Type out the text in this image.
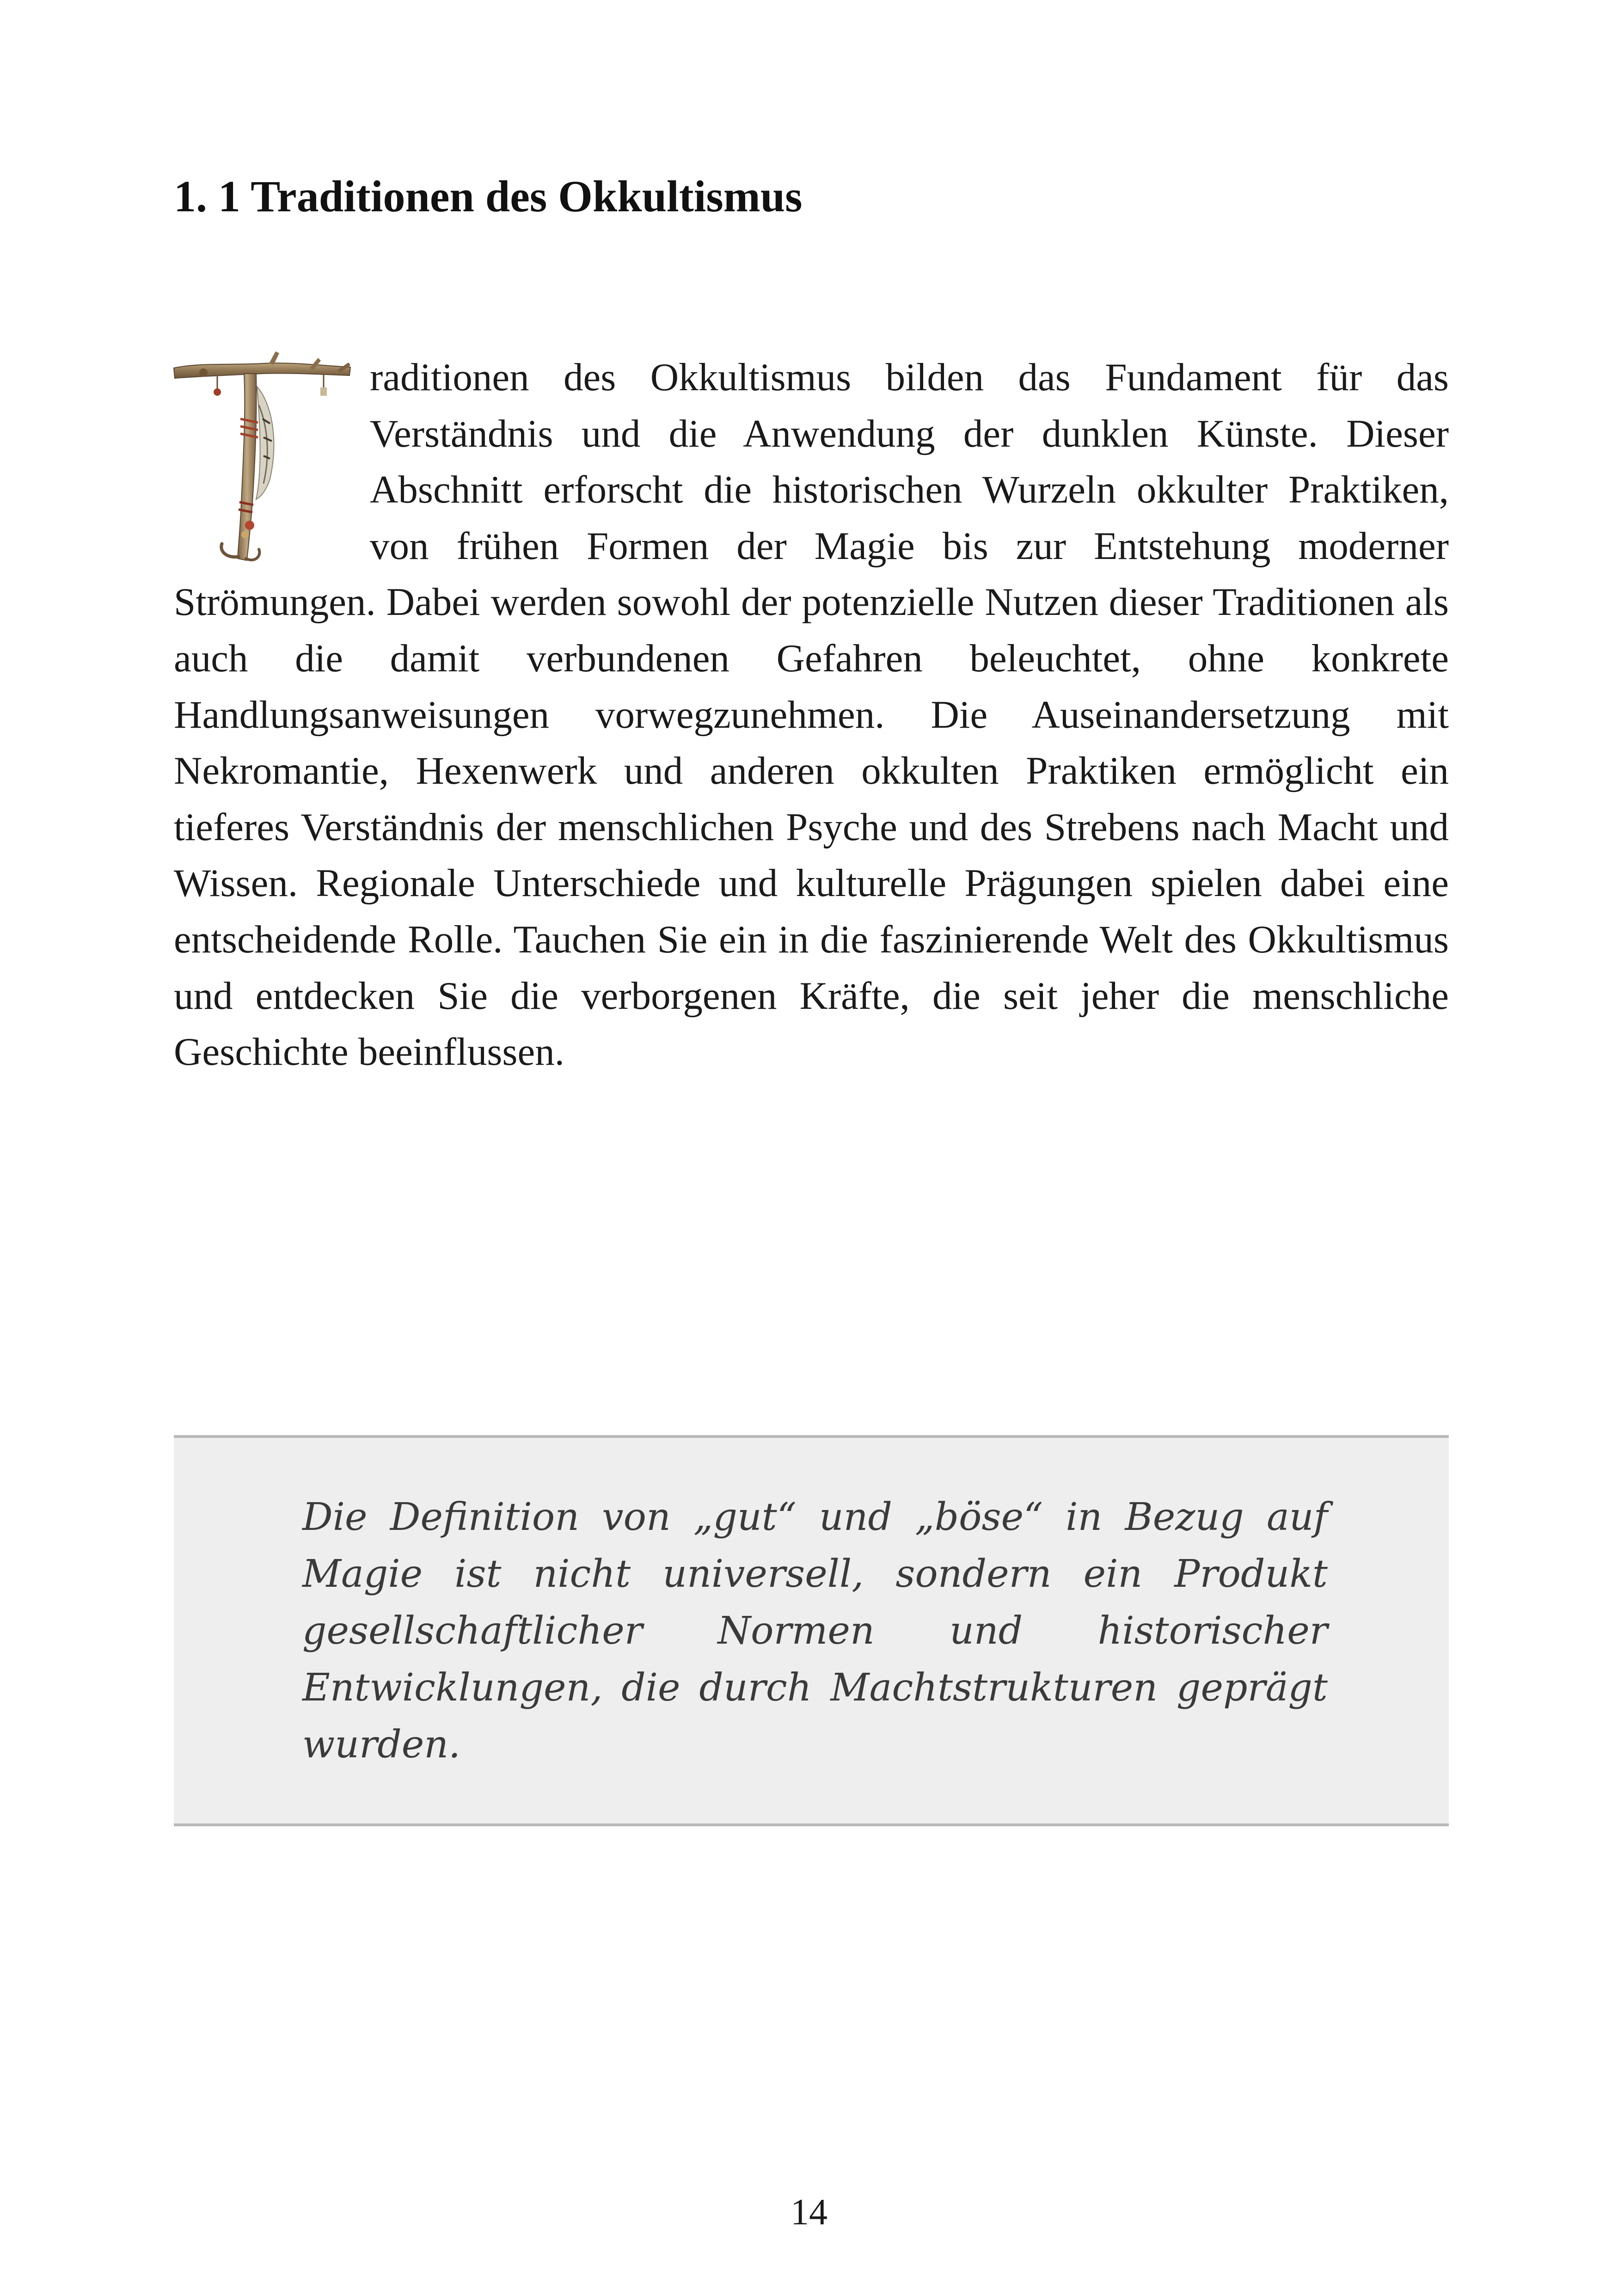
1. 1 Traditionen des Okkultismus

raditionen des Okkultismus bilden das Fundament für das Verständnis und die Anwendung der dunklen Künste. Dieser Abschnitt erforscht die historischen Wurzeln okkulter Praktiken, von frühen Formen der Magie bis zur Entstehung moderner Strömungen. Dabei werden sowohl der potenzielle Nutzen dieser Traditionen als auch die damit verbundenen Gefahren beleuchtet, ohne konkrete Handlungsanweisungen vorwegzunehmen. Die Auseinandersetzung mit Nekromantie, Hexenwerk und anderen okkulten Praktiken ermöglicht ein tieferes Verständnis der menschlichen Psyche und des Strebens nach Macht und Wissen. Regionale Unterschiede und kulturelle Prägungen spielen dabei eine entscheidende Rolle. Tauchen Sie ein in die faszinierende Welt des Okkultismus und entdecken Sie die verborgenen Kräfte, die seit jeher die menschliche Geschichte beeinflussen.

Die Definition von „gut“ und „böse“ in Bezug auf Magie ist nicht universell, sondern ein Produkt gesellschaftlicher Normen und historischer Entwicklungen, die durch Machtstrukturen geprägt wurden.

14
